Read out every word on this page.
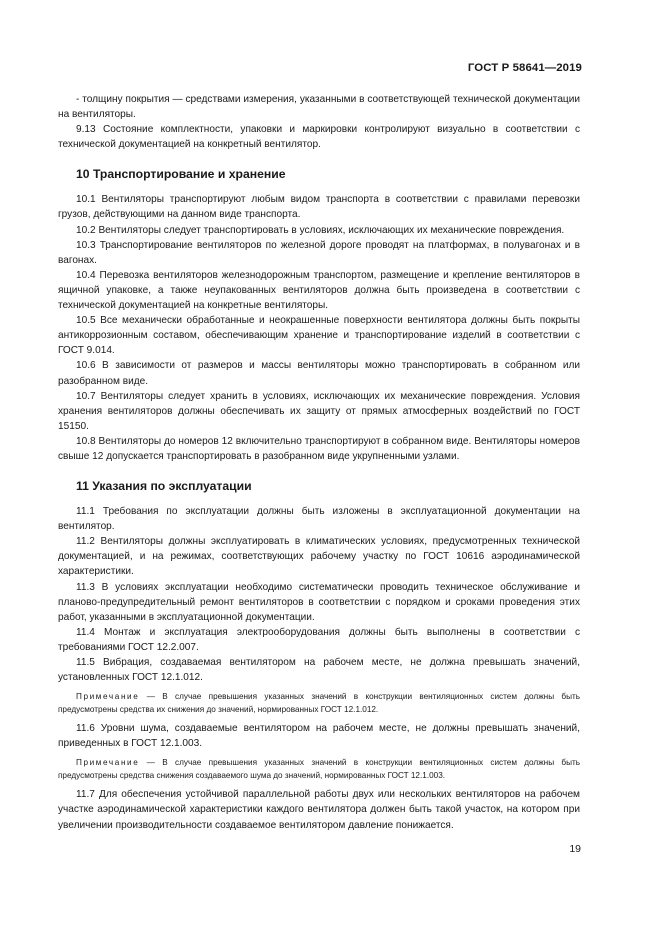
ГОСТ Р 58641—2019

- толщину покрытия — средствами измерения, указанными в соответствующей технической документации на вентиляторы.

9.13 Состояние комплектности, упаковки и маркировки контролируют визуально в соответствии с технической документацией на конкретный вентилятор.

10 Транспортирование и хранение

10.1 Вентиляторы транспортируют любым видом транспорта в соответствии с правилами перевозки грузов, действующими на данном виде транспорта.

10.2 Вентиляторы следует транспортировать в условиях, исключающих их механические повреждения.

10.3 Транспортирование вентиляторов по железной дороге проводят на платформах, в полувагонах и в вагонах.

10.4 Перевозка вентиляторов железнодорожным транспортом, размещение и крепление вентиляторов в ящичной упаковке, а также неупакованных вентиляторов должна быть произведена в соответствии с технической документацией на конкретные вентиляторы.

10.5 Все механически обработанные и неокрашенные поверхности вентилятора должны быть покрыты антикоррозионным составом, обеспечивающим хранение и транспортирование изделий в соответствии с ГОСТ 9.014.

10.6 В зависимости от размеров и массы вентиляторы можно транспортировать в собранном или разобранном виде.

10.7 Вентиляторы следует хранить в условиях, исключающих их механические повреждения. Условия хранения вентиляторов должны обеспечивать их защиту от прямых атмосферных воздействий по ГОСТ 15150.

10.8 Вентиляторы до номеров 12 включительно транспортируют в собранном виде. Вентиляторы номеров свыше 12 допускается транспортировать в разобранном виде укрупненными узлами.

11 Указания по эксплуатации

11.1 Требования по эксплуатации должны быть изложены в эксплуатационной документации на вентилятор.

11.2 Вентиляторы должны эксплуатировать в климатических условиях, предусмотренных технической документацией, и на режимах, соответствующих рабочему участку по ГОСТ 10616 аэродинамической характеристики.

11.3 В условиях эксплуатации необходимо систематически проводить техническое обслуживание и планово-предупредительный ремонт вентиляторов в соответствии с порядком и сроками проведения этих работ, указанными в эксплуатационной документации.

11.4 Монтаж и эксплуатация электрооборудования должны быть выполнены в соответствии с требованиями ГОСТ 12.2.007.

11.5 Вибрация, создаваемая вентилятором на рабочем месте, не должна превышать значений, установленных ГОСТ 12.1.012.

Примечание — В случае превышения указанных значений в конструкции вентиляционных систем должны быть предусмотрены средства их снижения до значений, нормированных ГОСТ 12.1.012.

11.6 Уровни шума, создаваемые вентилятором на рабочем месте, не должны превышать значений, приведенных в ГОСТ 12.1.003.

Примечание — В случае превышения указанных значений в конструкции вентиляционных систем должны быть предусмотрены средства снижения создаваемого шума до значений, нормированных ГОСТ 12.1.003.

11.7 Для обеспечения устойчивой параллельной работы двух или нескольких вентиляторов на рабочем участке аэродинамической характеристики каждого вентилятора должен быть такой участок, на котором при увеличении производительности создаваемое вентилятором давление понижается.

19
